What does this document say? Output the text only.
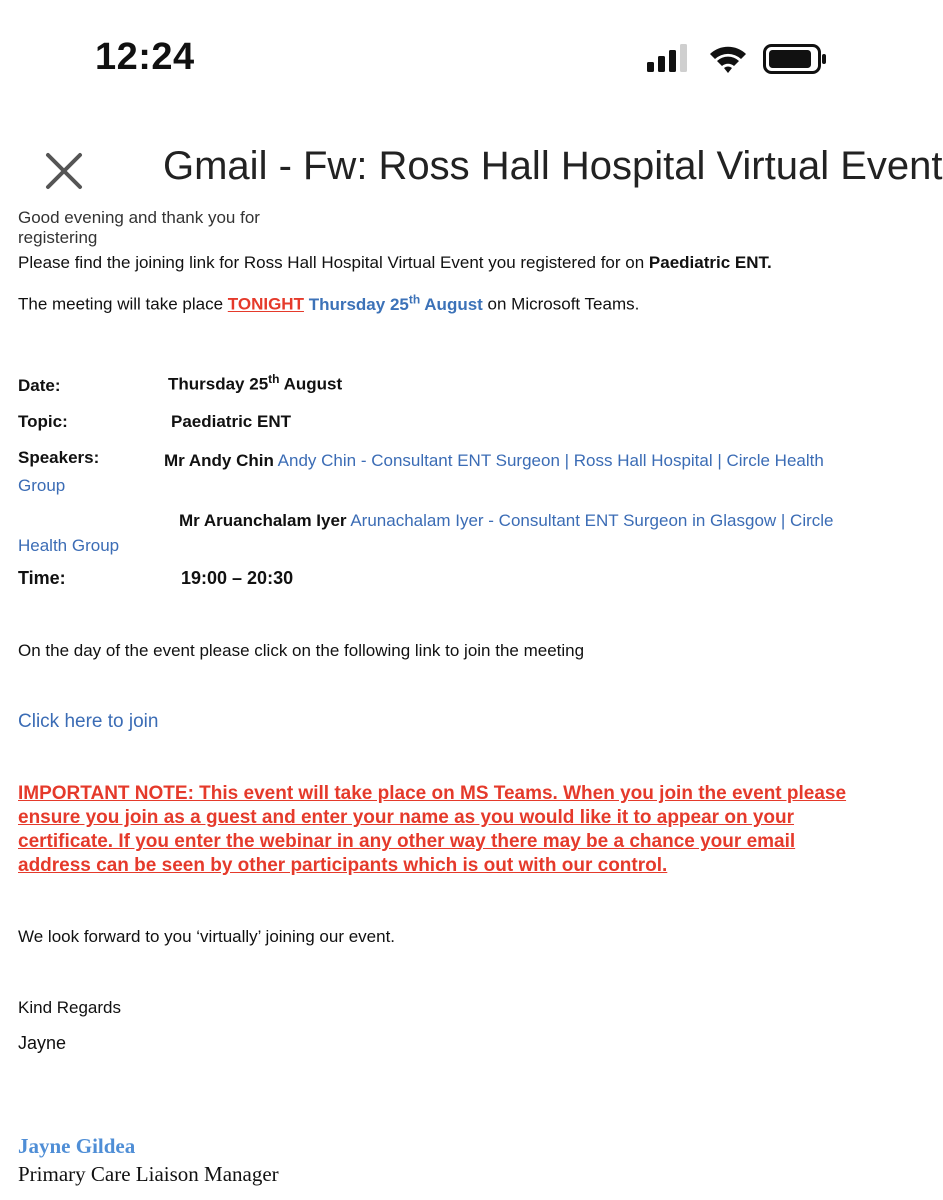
12:24
Gmail - Fw: Ross Hall Hospital Virtual Event
Good evening and thank you for registering
Please find the joining link for Ross Hall Hospital Virtual Event you registered for on Paediatric ENT.
The meeting will take place TONIGHT Thursday 25th August on Microsoft Teams.
Date:	Thursday 25th August
Topic:	Paediatric ENT
Speakers:	Mr Andy Chin Andy Chin - Consultant ENT Surgeon | Ross Hall Hospital | Circle Health Group
Mr Aruanchalam Iyer Arunachalam Iyer - Consultant ENT Surgeon in Glasgow | Circle Health Group
Time:	19:00 – 20:30
On the day of the event please click on the following link to join the meeting
Click here to join
IMPORTANT NOTE: This event will take place on MS Teams. When you join the event please ensure you join as a guest and enter your name as you would like it to appear on your certificate. If you enter the webinar in any other way there may be a chance your email address can be seen by other participants which is out with our control.
We look forward to you ‘virtually’ joining our event.
Kind Regards
Jayne
Jayne Gildea
Primary Care Liaison Manager
